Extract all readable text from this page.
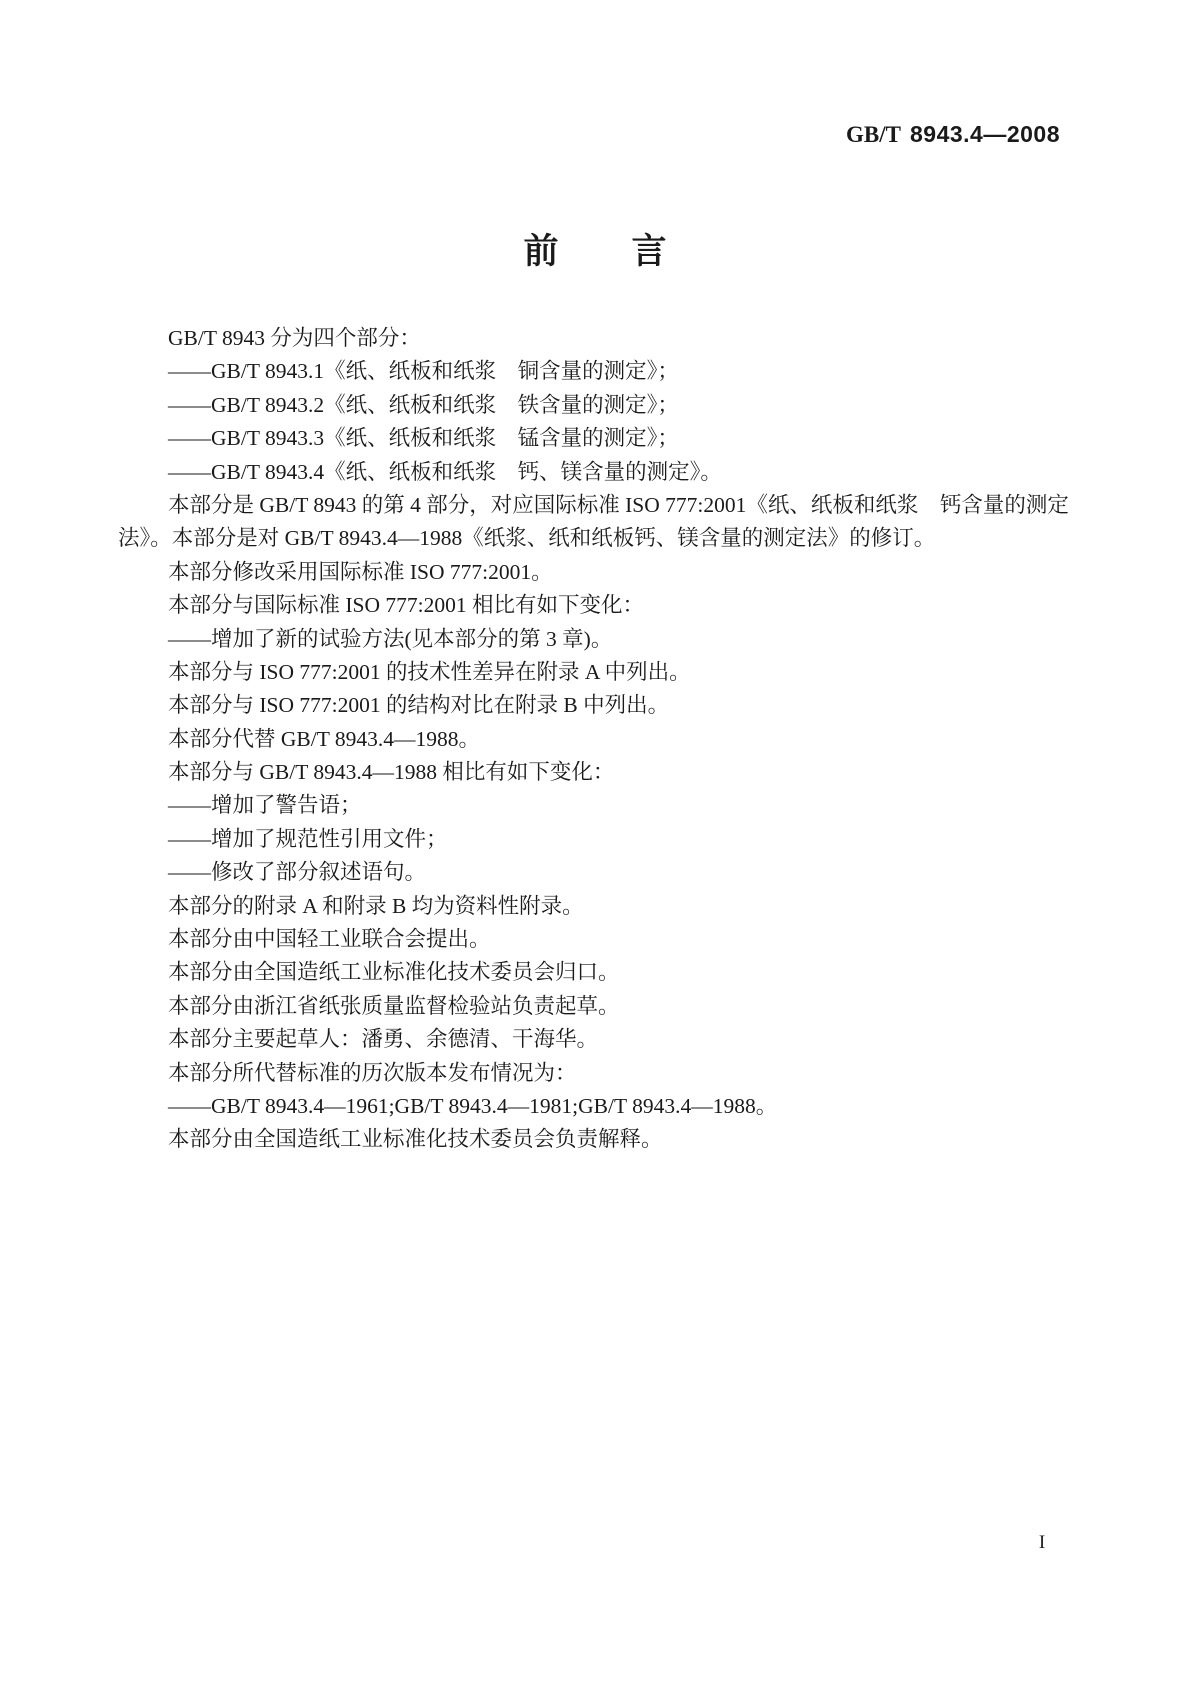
GB/T 8943.4—2008
前　　言
GB/T 8943 分为四个部分：
——GB/T 8943.1《纸、纸板和纸浆　铜含量的测定》；
——GB/T 8943.2《纸、纸板和纸浆　铁含量的测定》；
——GB/T 8943.3《纸、纸板和纸浆　锰含量的测定》；
——GB/T 8943.4《纸、纸板和纸浆　钙、镁含量的测定》。
本部分是 GB/T 8943 的第 4 部分，对应国际标准 ISO 777:2001《纸、纸板和纸浆　钙含量的测定
法》。本部分是对 GB/T 8943.4—1988《纸浆、纸和纸板钙、镁含量的测定法》的修订。
本部分修改采用国际标准 ISO 777:2001。
本部分与国际标准 ISO 777:2001 相比有如下变化：
——增加了新的试验方法(见本部分的第 3 章)。
本部分与 ISO 777:2001 的技术性差异在附录 A 中列出。
本部分与 ISO 777:2001 的结构对比在附录 B 中列出。
本部分代替 GB/T 8943.4—1988。
本部分与 GB/T 8943.4—1988 相比有如下变化：
——增加了警告语；
——增加了规范性引用文件；
——修改了部分叙述语句。
本部分的附录 A 和附录 B 均为资料性附录。
本部分由中国轻工业联合会提出。
本部分由全国造纸工业标准化技术委员会归口。
本部分由浙江省纸张质量监督检验站负责起草。
本部分主要起草人：潘勇、余德清、干海华。
本部分所代替标准的历次版本发布情况为：
——GB/T 8943.4—1961;GB/T 8943.4—1981;GB/T 8943.4—1988。
本部分由全国造纸工业标准化技术委员会负责解释。
I
